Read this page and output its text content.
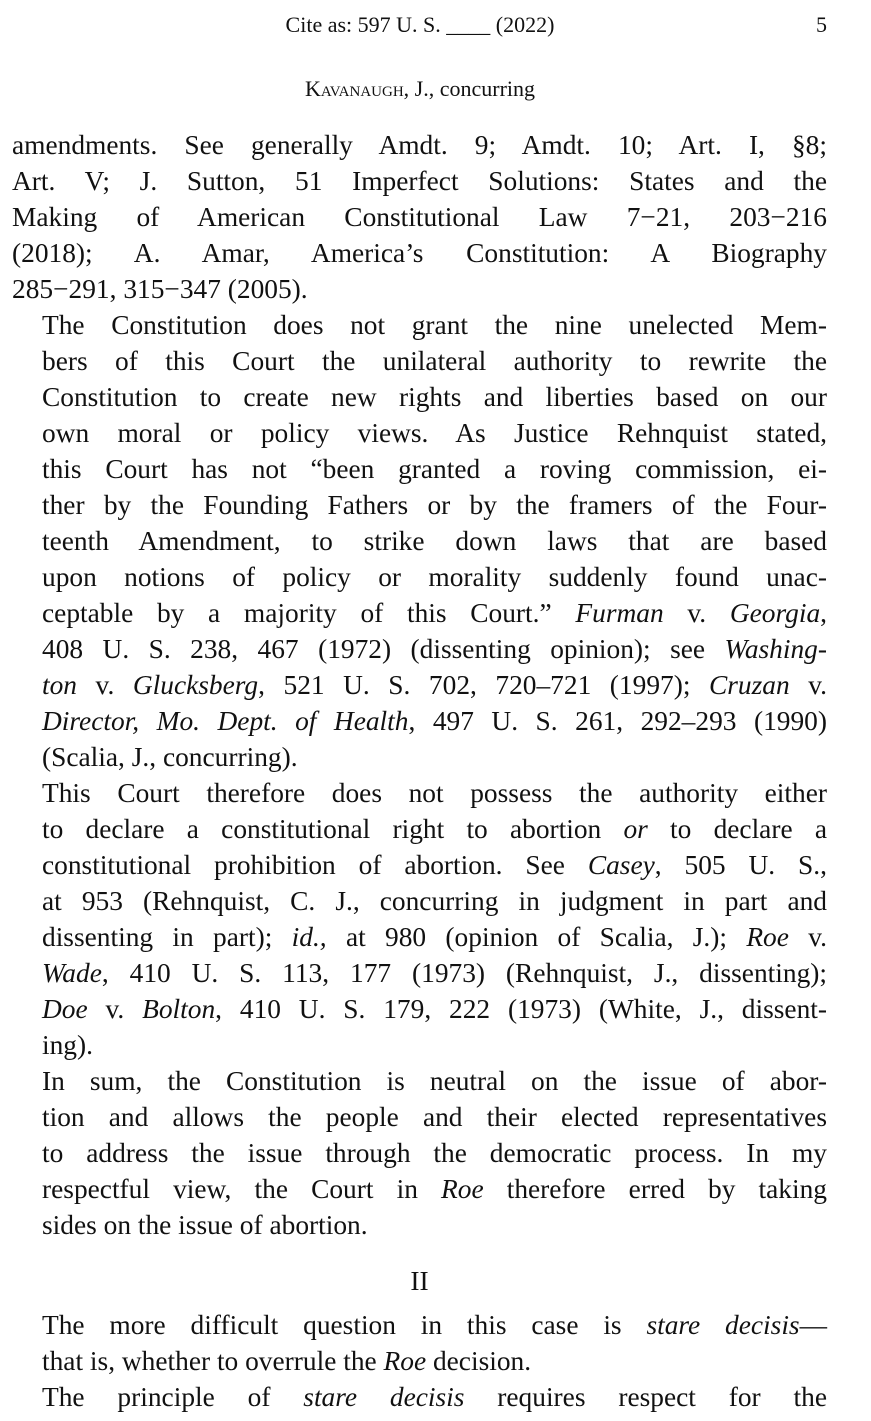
Cite as: 597 U. S. ____ (2022)	5
Kavanaugh, J., concurring

amendments. See generally Amdt. 9; Amdt. 10; Art. I, §8;
Art. V; J. Sutton, 51 Imperfect Solutions: States and the
Making of American Constitutional Law 7−21, 203−216
(2018); A. Amar, America’s Constitution: A Biography
285−291, 315−347 (2005).

The Constitution does not grant the nine unelected Mem-
bers of this Court the unilateral authority to rewrite the
Constitution to create new rights and liberties based on our
own moral or policy views. As Justice Rehnquist stated,
this Court has not “been granted a roving commission, ei-
ther by the Founding Fathers or by the framers of the Four-
teenth Amendment, to strike down laws that are based
upon notions of policy or morality suddenly found unac-
ceptable by a majority of this Court.” Furman v. Georgia,
408 U. S. 238, 467 (1972) (dissenting opinion); see Washing-
ton v. Glucksberg, 521 U. S. 702, 720–721 (1997); Cruzan v.
Director, Mo. Dept. of Health, 497 U. S. 261, 292–293 (1990)
(Scalia, J., concurring).

This Court therefore does not possess the authority either
to declare a constitutional right to abortion or to declare a
constitutional prohibition of abortion. See Casey, 505 U. S.,
at 953 (Rehnquist, C. J., concurring in judgment in part and
dissenting in part); id., at 980 (opinion of Scalia, J.); Roe v.
Wade, 410 U. S. 113, 177 (1973) (Rehnquist, J., dissenting);
Doe v. Bolton, 410 U. S. 179, 222 (1973) (White, J., dissent-
ing).

In sum, the Constitution is neutral on the issue of abor-
tion and allows the people and their elected representatives
to address the issue through the democratic process. In my
respectful view, the Court in Roe therefore erred by taking
sides on the issue of abortion.

II

The more difficult question in this case is stare decisis—
that is, whether to overrule the Roe decision.

The principle of stare decisis requires respect for the
